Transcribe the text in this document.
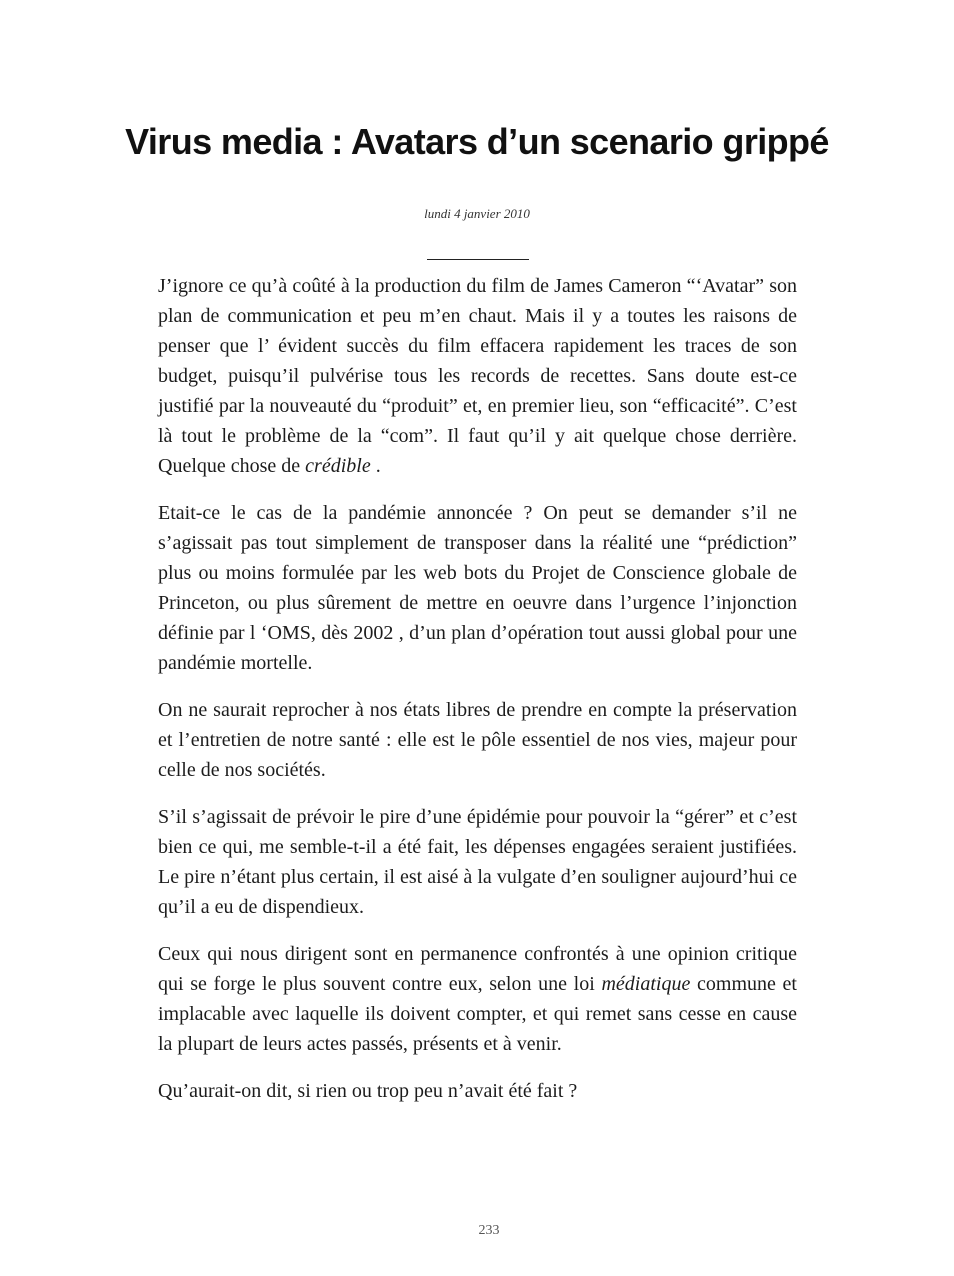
Virus media : Avatars d’un scenario grippé
lundi 4 janvier 2010

J’ignore ce qu’à coûté à la production du film de James Cameron “‘Avatar” son plan de communication et peu m’en chaut. Mais il y a toutes les raisons de penser que l’ évident succès du film effacera rapidement les traces de son budget, puisqu’il pulvérise tous les records de recettes. Sans doute est-ce justifié par la nouveauté du “produit” et, en premier lieu, son “efficacité”. C’est là tout le problème de la “com”. Il faut qu’il y ait quelque chose derrière. Quelque chose de crédible .

Etait-ce le cas de la pandémie annoncée ? On peut se demander s’il ne s’agissait pas tout simplement de transposer dans la réalité une “prédiction” plus ou moins formulée par les web bots du Projet de Conscience globale de Princeton, ou plus sûrement de mettre en oeuvre dans l’urgence l’injonction définie par l ‘OMS, dès 2002 , d’un plan d’opération tout aussi global pour une pandémie mortelle.

On ne saurait reprocher à nos états libres de prendre en compte la préservation et l’entretien de notre santé : elle est le pôle essentiel de nos vies, majeur pour celle de nos sociétés.

S’il s’agissait de prévoir le pire d’une épidémie pour pouvoir la “gérer” et c’est bien ce qui, me semble-t-il a été fait, les dépenses engagées seraient justifiées. Le pire n’étant plus certain, il est aisé à la vulgate d’en souligner aujourd’hui ce qu’il a eu de dispendieux.

Ceux qui nous dirigent sont en permanence confrontés à une opinion critique qui se forge le plus souvent contre eux, selon une loi médiatique commune et implacable avec laquelle ils doivent compter, et qui remet sans cesse en cause la plupart de leurs actes passés, présents et à venir.

Qu’aurait-on dit, si rien ou trop peu n’avait été fait ?

233
